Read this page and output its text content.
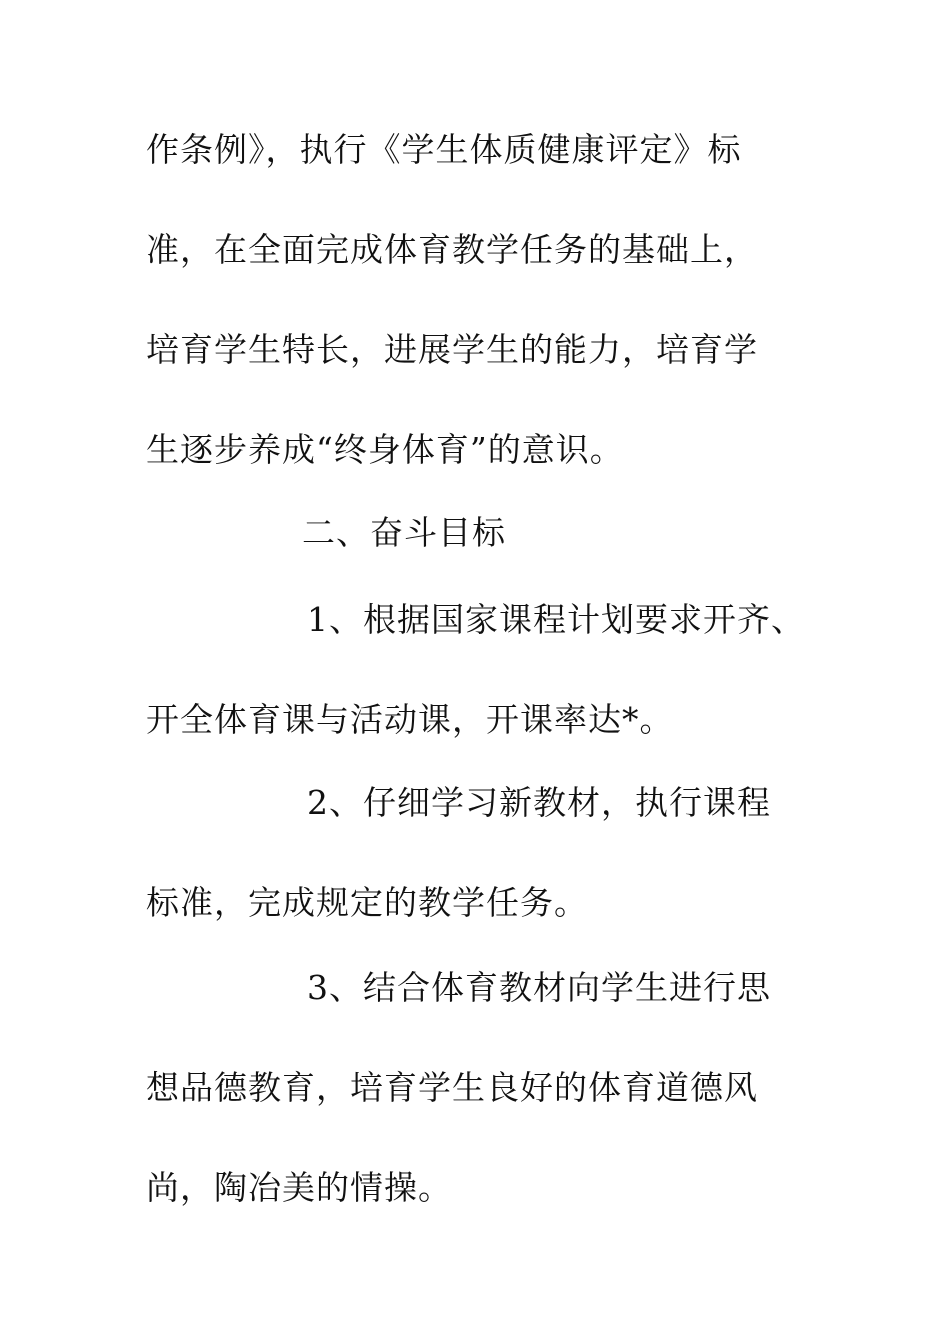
作条例》，执行《学生体质健康评定》标
准，在全面完成体育教学任务的基础上，
培育学生特长，进展学生的能力，培育学
生逐步养成“终身体育”的意识。
二、奋斗目标
1、根据国家课程计划要求开齐、
开全体育课与活动课，开课率达*。
2、仔细学习新教材，执行课程
标准，完成规定的教学任务。
3、结合体育教材向学生进行思
想品德教育，培育学生良好的体育道德风
尚，陶冶美的情操。
